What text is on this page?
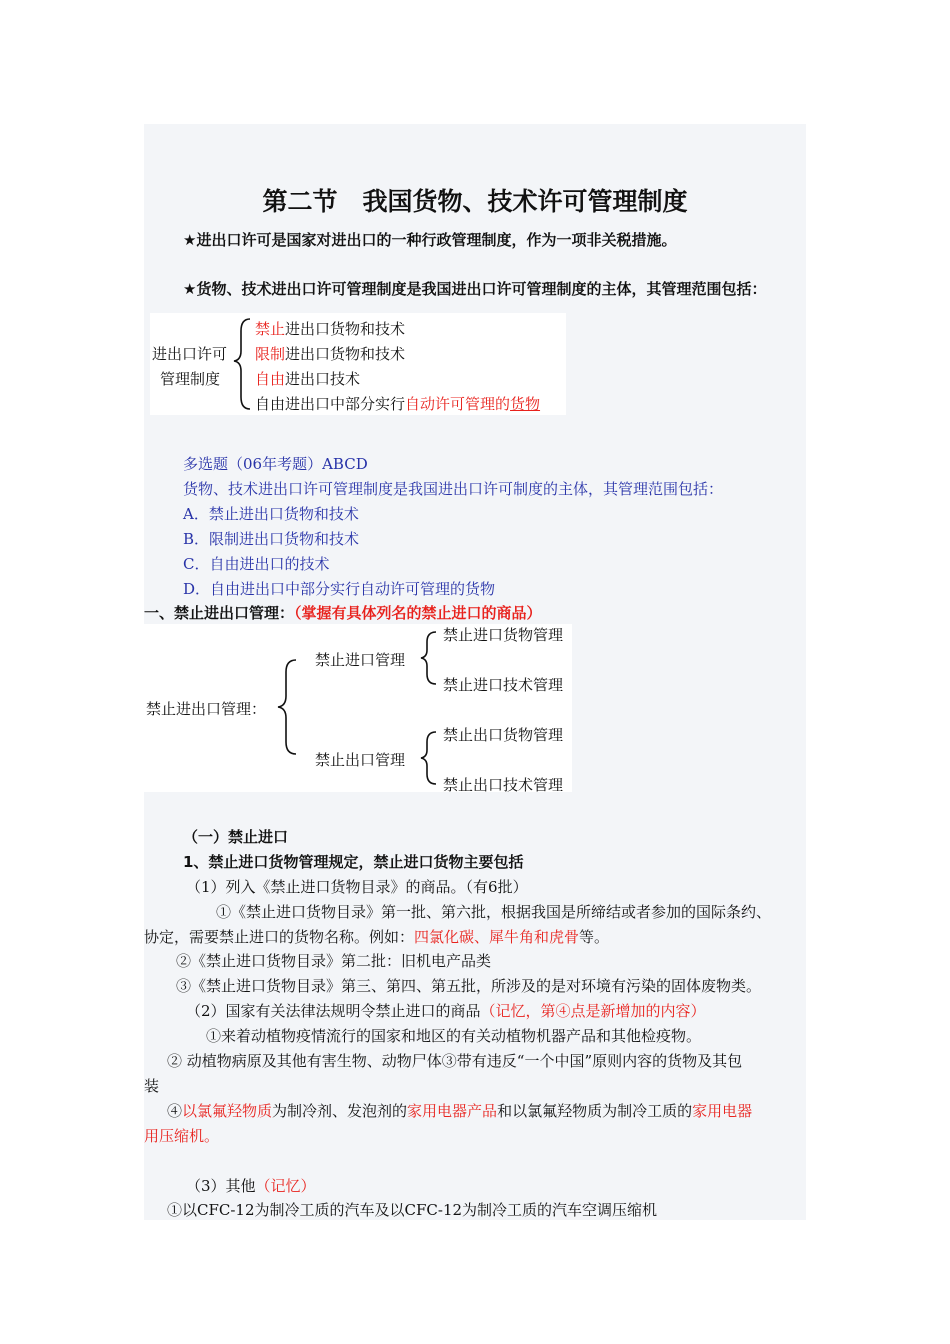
第二节　我国货物、技术许可管理制度
★进出口许可是国家对进出口的一种行政管理制度，作为一项非关税措施。
★货物、技术进出口许可管理制度是我国进出口许可管理制度的主体，其管理范围包括：
进出口许可
管理制度
禁止进出口货物和技术
限制进出口货物和技术
自由进出口技术
自由进出口中部分实行自动许可管理的货物
多选题（06年考题）ABCD
货物、技术进出口许可管理制度是我国进出口许可制度的主体，其管理范围包括：
A．禁止进出口货物和技术
B．限制进出口货物和技术
C．自由进出口的技术
D．自由进出口中部分实行自动许可管理的货物
一、禁止进出口管理：（掌握有具体列名的禁止进口的商品）
禁止进出口管理：
禁止进口管理
禁止出口管理
禁止进口货物管理
禁止进口技术管理
禁止出口货物管理
禁止出口技术管理
（一）禁止进口
1、禁止进口货物管理规定，禁止进口货物主要包括
（1）列入《禁止进口货物目录》的商品。（有6批）
①《禁止进口货物目录》第一批、第六批，根据我国是所缔结或者参加的国际条约、
协定，需要禁止进口的货物名称。例如：四氯化碳、犀牛角和虎骨等。
②《禁止进口货物目录》第二批：旧机电产品类
③《禁止进口货物目录》第三、第四、第五批，所涉及的是对环境有污染的固体废物类。
（2）国家有关法律法规明令禁止进口的商品（记忆，第④点是新增加的内容）
①来着动植物疫情流行的国家和地区的有关动植物机器产品和其他检疫物。
② 动植物病原及其他有害生物、动物尸体③带有违反“一个中国”原则内容的货物及其包
装
④以氯氟羟物质为制冷剂、发泡剂的家用电器产品和以氯氟羟物质为制冷工质的家用电器
用压缩机。
（3）其他（记忆）
①以CFC-12为制冷工质的汽车及以CFC-12为制冷工质的汽车空调压缩机
